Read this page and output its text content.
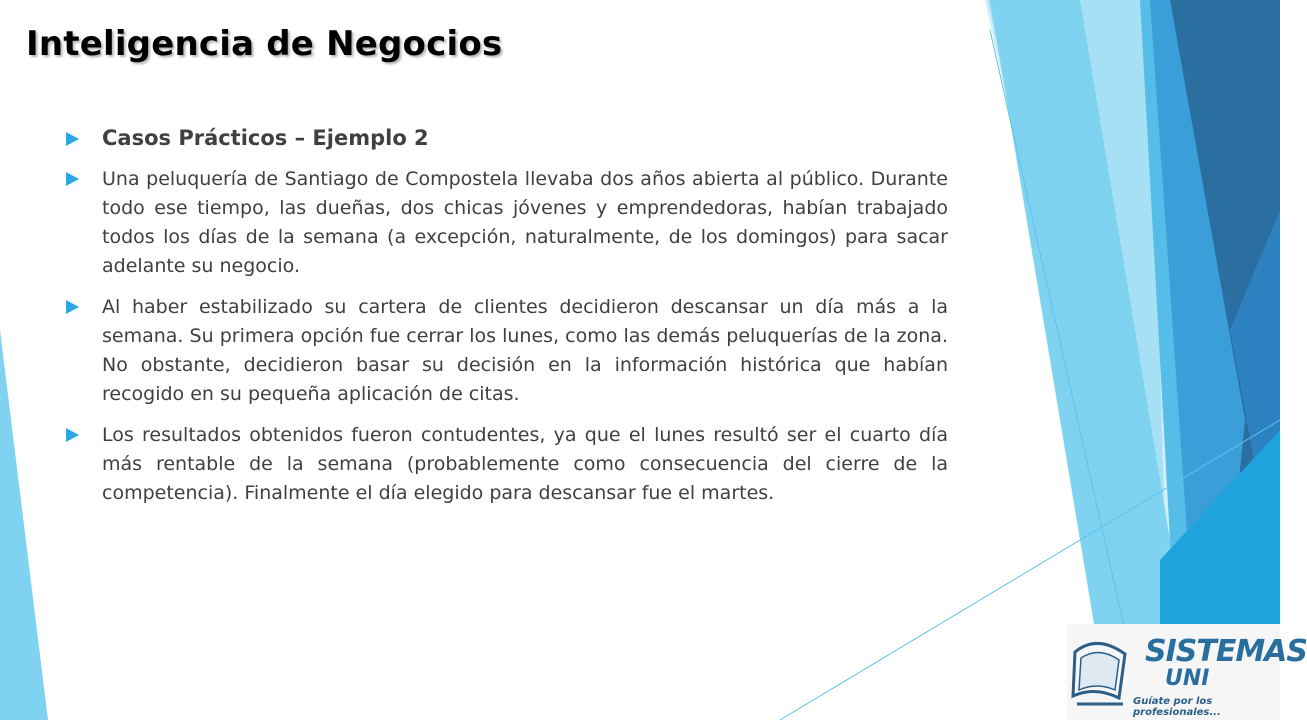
Inteligencia de Negocios

Casos Prácticos – Ejemplo 2

Una peluquería de Santiago de Compostela llevaba dos años abierta al público. Durante todo ese tiempo, las dueñas, dos chicas jóvenes y emprendedoras, habían trabajado todos los días de la semana (a excepción, naturalmente, de los domingos) para sacar adelante su negocio.

Al haber estabilizado su cartera de clientes decidieron descansar un día más a la semana. Su primera opción fue cerrar los lunes, como las demás peluquerías de la zona. No obstante, decidieron basar su decisión en la información histórica que habían recogido en su pequeña aplicación de citas.

Los resultados obtenidos fueron contudentes, ya que el lunes resultó ser el cuarto día más rentable de la semana (probablemente como consecuencia del cierre de la competencia). Finalmente el día elegido para descansar fue el martes.

SISTEMAS
UNI
Guíate por los profesionales...
